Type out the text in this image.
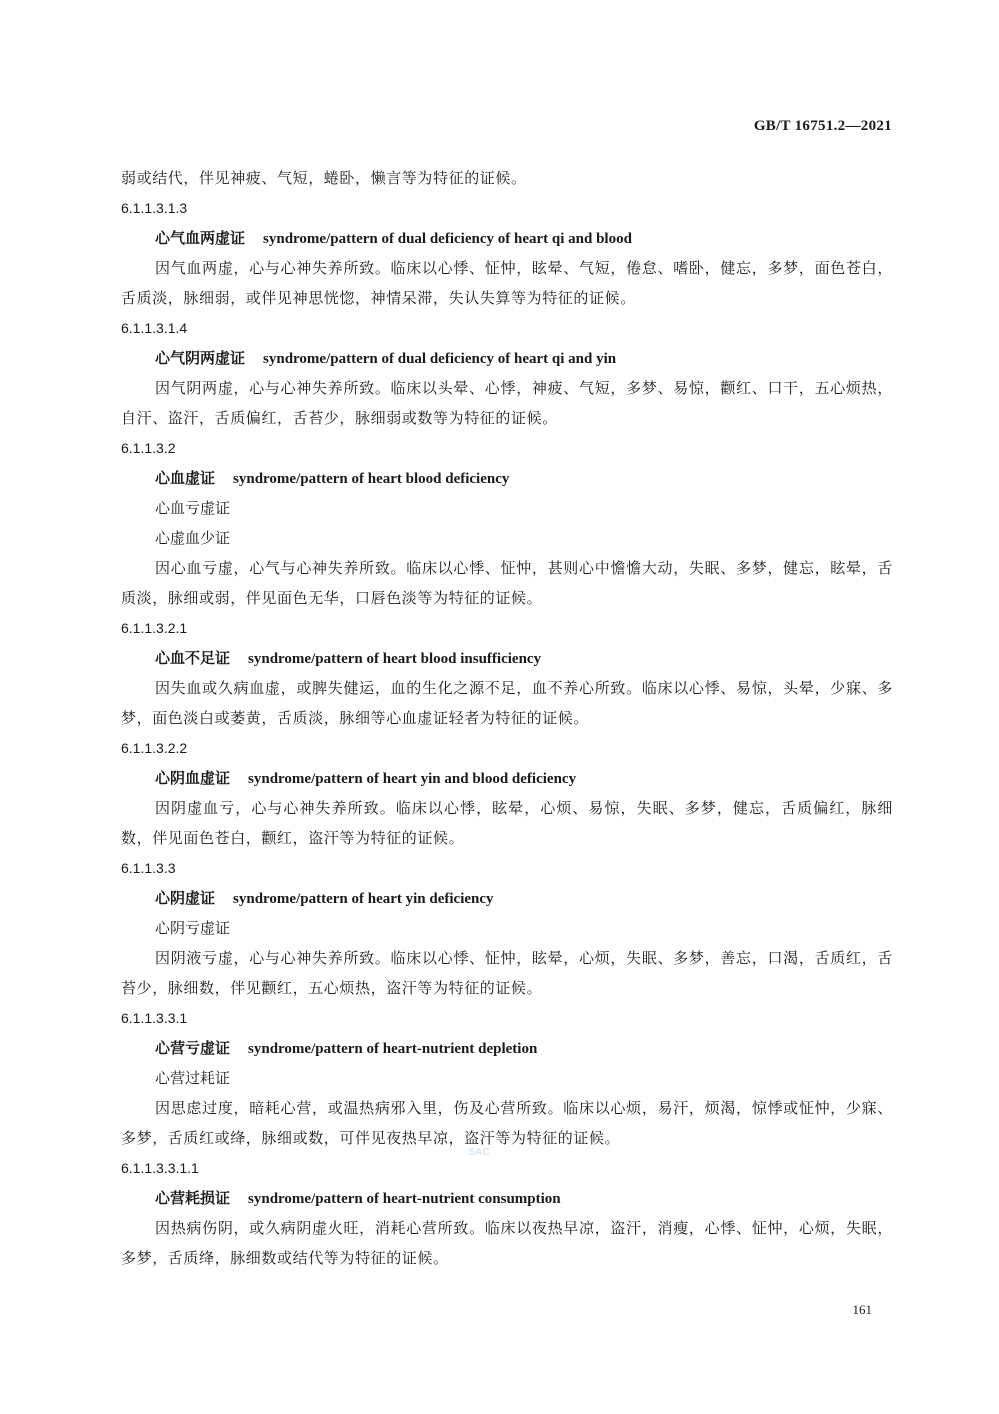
GB/T 16751.2—2021

弱或结代，伴见神疲、气短，蜷卧，懒言等为特征的证候。

6.1.1.3.1.3
心气血两虚证 syndrome/pattern of dual deficiency of heart qi and blood

因气血两虚，心与心神失养所致。临床以心悸、怔忡，眩晕、气短，倦怠、嗜卧，健忘，多梦，面色苍白，舌质淡，脉细弱，或伴见神思恍惚，神情呆滞，失认失算等为特征的证候。

6.1.1.3.1.4
心气阴两虚证 syndrome/pattern of dual deficiency of heart qi and yin

因气阴两虚，心与心神失养所致。临床以头晕、心悸，神疲、气短，多梦、易惊，颧红、口干，五心烦热，自汗、盗汗，舌质偏红，舌苔少，脉细弱或数等为特征的证候。

6.1.1.3.2
心血虚证 syndrome/pattern of heart blood deficiency
心血亏虚证
心虚血少证

因心血亏虚，心气与心神失养所致。临床以心悸、怔忡，甚则心中憺憺大动，失眠、多梦，健忘，眩晕，舌质淡，脉细或弱，伴见面色无华，口唇色淡等为特征的证候。

6.1.1.3.2.1
心血不足证 syndrome/pattern of heart blood insufficiency

因失血或久病血虚，或脾失健运，血的生化之源不足，血不养心所致。临床以心悸、易惊，头晕，少寐、多梦，面色淡白或萎黄，舌质淡，脉细等心血虚证轻者为特征的证候。

6.1.1.3.2.2
心阴血虚证 syndrome/pattern of heart yin and blood deficiency

因阴虚血亏，心与心神失养所致。临床以心悸，眩晕，心烦、易惊，失眠、多梦，健忘，舌质偏红，脉细数，伴见面色苍白，颧红，盗汗等为特征的证候。

6.1.1.3.3
心阴虚证 syndrome/pattern of heart yin deficiency
心阴亏虚证

因阴液亏虚，心与心神失养所致。临床以心悸、怔忡，眩晕，心烦，失眠、多梦，善忘，口渴，舌质红，舌苔少，脉细数，伴见颧红，五心烦热，盗汗等为特征的证候。

6.1.1.3.3.1
心营亏虚证 syndrome/pattern of heart-nutrient depletion
心营过耗证

因思虑过度，暗耗心营，或温热病邪入里，伤及心营所致。临床以心烦，易汗，烦渴，惊悸或怔忡，少寐、多梦，舌质红或绛，脉细或数，可伴见夜热早凉，盗汗等为特征的证候。

6.1.1.3.3.1.1
心营耗损证 syndrome/pattern of heart-nutrient consumption

因热病伤阴，或久病阴虚火旺，消耗心营所致。临床以夜热早凉，盗汗，消瘦，心悸、怔忡，心烦，失眠，多梦，舌质绛，脉细数或结代等为特征的证候。

SAC
161
